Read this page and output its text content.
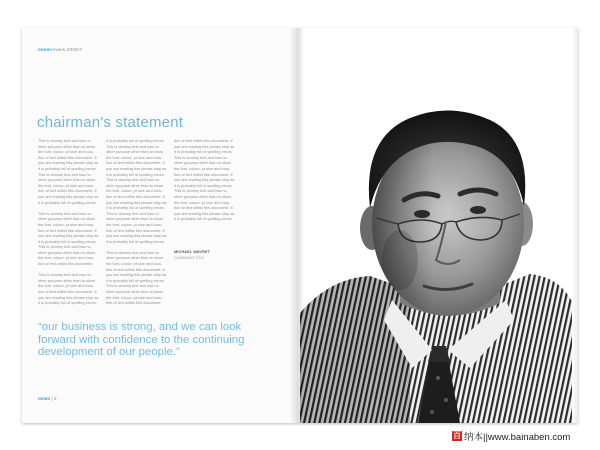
mmmreview 2006/7
chairman's statement

This is dummy text and has no other purpose other than to show the font, colour, pt size and loca-tion of text within this document. If you are reading this please stop as it is probably full of spelling errors. This is dummy text and has no other purpose other than to show the font, colour, pt size and loca-tion of text within this document. If you are reading this please stop as it is probably full of spelling errors.

This is dummy text and has no other purpose other than to show the font, colour, pt size and loca-tion of text within this document. If you are reading this please stop as it is probably full of spelling errors. This is dummy text and has no other purpose other than to show the font, colour, pt size and loca-tion of text within this document.

This is dummy text and has no other purpose other than to show the font, colour, pt size and loca-tion of text within this document. If you are reading this please stop as it is probably full of spelling errors.

it is probably full of spelling errors. This is dummy text and has no other purpose other than to show the font, colour, pt size and loca-tion of text within this document. If you are reading this please stop as it is probably full of spelling errors. This is dummy text and has no other purpose other than to show the font, colour, pt size and loca-tion of text within this document. If you are reading this please stop as it is probably full of spelling errors. This is dummy text and has no other purpose other than to show the font, colour, pt size and loca-tion of text within this document. If you are reading this please stop as it is probably full of spelling errors.

This is dummy text and has no other purpose other than to show the font, colour, pt size and loca-tion of text within this document. If you are reading this please stop as it is probably full of spelling errors. This is dummy text and has no other purpose other than to show the font, colour, pt size and loca-tion of text within this document.

tion of text within this document. If you are reading this please stop as it is probably full of spelling errors. This is dummy text and has no other purpose other than to show the font, colour, pt size and loca-tion of text within this document. If you are reading this please stop as it is probably full of spelling errors. This is dummy text and has no other purpose other than to show the font, colour, pt size and loca-tion of text within this document. If you are reading this please stop as it is probably full of spelling errors.

MICHAEL WAVRET
CHAIRMAN'S TITLE
“our business is strong, and we can look forward with confidence to the continuing development of our people.”
mmm | 2
百 纳本||www.bainaben.com
